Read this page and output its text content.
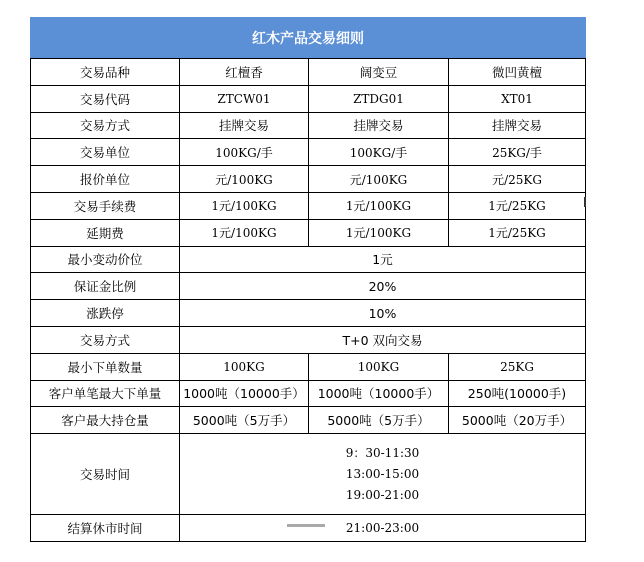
红木产品交易细则			
交易品种	红檀香	阔变豆	微凹黄檀
交易代码	ZTCW01	ZTDG01	XT01
交易方式	挂牌交易	挂牌交易	挂牌交易
交易单位	100KG/手	100KG/手	25KG/手
报价单位	元/100KG	元/100KG	元/25KG
交易手续费	1元/100KG	1元/100KG	1元/25KG
延期费	1元/100KG	1元/100KG	1元/25KG
最小变动价位	1元		
保证金比例	20%		
涨跌停	10%		
交易方式	T+0 双向交易		
最小下单数量	100KG	100KG	25KG
客户单笔最大下单量	1000吨（10000手）	1000吨（10000手）	250吨(10000手)
客户最大持仓量	5000吨（5万手）	5000吨（5万手）	5000吨（20万手）
交易时间	9：30-11:30
13:00-15:00
19:00-21:00		

结算休市时间	21:00-23:00		
